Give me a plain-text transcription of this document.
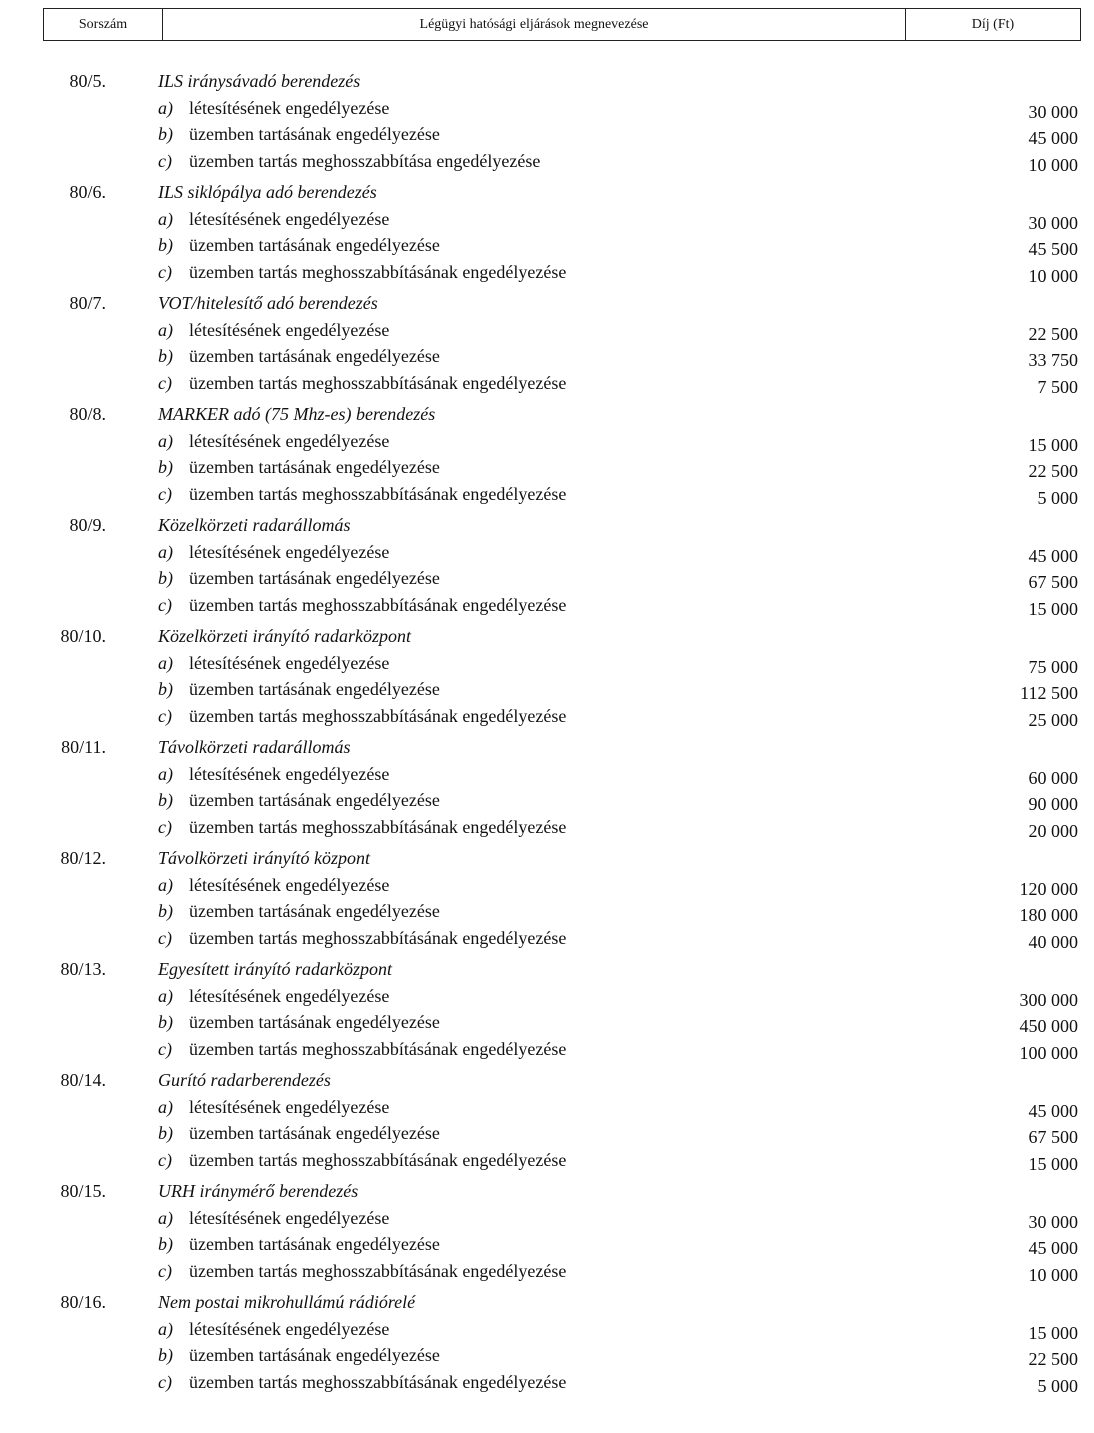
Sorszám	Légügyi hatósági eljárások megnevezése	Díj (Ft)
80/5.	ILS iránysávadó berendezés
a) létesítésének engedélyezése	30 000
b) üzemben tartásának engedélyezése	45 000
c) üzemben tartás meghosszabbítása engedélyezése	10 000
80/6.	ILS siklópálya adó berendezés
a) létesítésének engedélyezése	30 000
b) üzemben tartásának engedélyezése	45 500
c) üzemben tartás meghosszabbításának engedélyezése	10 000
80/7.	VOT/hitelesítő adó berendezés
a) létesítésének engedélyezése	22 500
b) üzemben tartásának engedélyezése	33 750
c) üzemben tartás meghosszabbításának engedélyezése	7 500
80/8.	MARKER adó (75 Mhz-es) berendezés
a) létesítésének engedélyezése	15 000
b) üzemben tartásának engedélyezése	22 500
c) üzemben tartás meghosszabbításának engedélyezése	5 000
80/9.	Közelkörzeti radarállomás
a) létesítésének engedélyezése	45 000
b) üzemben tartásának engedélyezése	67 500
c) üzemben tartás meghosszabbításának engedélyezése	15 000
80/10.	Közelkörzeti irányító radarközpont
a) létesítésének engedélyezése	75 000
b) üzemben tartásának engedélyezése	112 500
c) üzemben tartás meghosszabbításának engedélyezése	25 000
80/11.	Távolkörzeti radarállomás
a) létesítésének engedélyezése	60 000
b) üzemben tartásának engedélyezése	90 000
c) üzemben tartás meghosszabbításának engedélyezése	20 000
80/12.	Távolkörzeti irányító központ
a) létesítésének engedélyezése	120 000
b) üzemben tartásának engedélyezése	180 000
c) üzemben tartás meghosszabbításának engedélyezése	40 000
80/13.	Egyesített irányító radarközpont
a) létesítésének engedélyezése	300 000
b) üzemben tartásának engedélyezése	450 000
c) üzemben tartás meghosszabbításának engedélyezése	100 000
80/14.	Gurító radarberendezés
a) létesítésének engedélyezése	45 000
b) üzemben tartásának engedélyezése	67 500
c) üzemben tartás meghosszabbításának engedélyezése	15 000
80/15.	URH iránymérő berendezés
a) létesítésének engedélyezése	30 000
b) üzemben tartásának engedélyezése	45 000
c) üzemben tartás meghosszabbításának engedélyezése	10 000
80/16.	Nem postai mikrohullámú rádiórelé
a) létesítésének engedélyezése	15 000
b) üzemben tartásának engedélyezése	22 500
c) üzemben tartás meghosszabbításának engedélyezése	5 000
